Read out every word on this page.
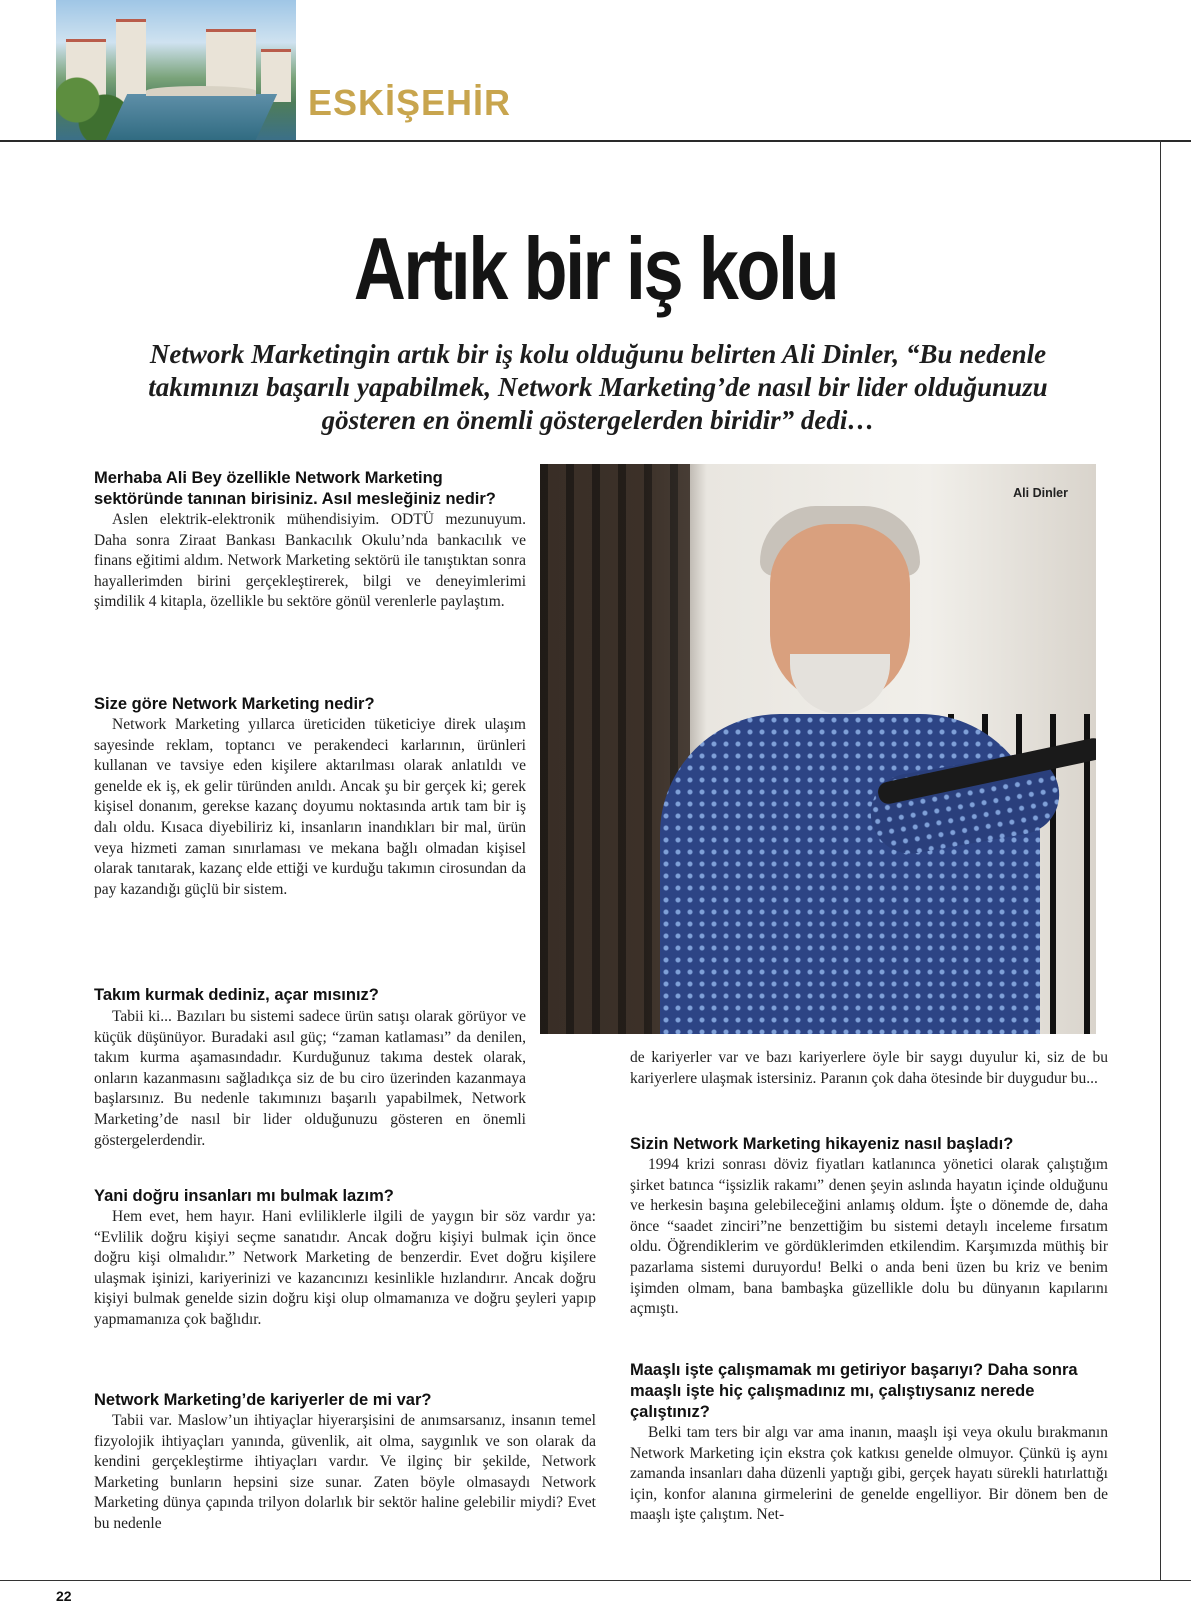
ESKİŞEHİR
Artık bir iş kolu
Network Marketingin artık bir iş kolu olduğunu belirten Ali Dinler, “Bu nedenle takımınızı başarılı yapabilmek, Network Marketing’de nasıl bir lider olduğunuzu gösteren en önemli göstergelerden biridir” dedi…

Merhaba Ali Bey özellikle Network Marketing sektöründe tanınan birisiniz. Asıl mesleğiniz nedir?

Aslen elektrik-elektronik mühendisiyim. ODTÜ mezunuyum. Daha sonra Ziraat Bankası Bankacılık Okulu’nda bankacılık ve finans eğitimi aldım. Network Marketing sektörü ile tanıştıktan sonra hayallerimden birini gerçekleştirerek, bilgi ve deneyimlerimi şimdilik 4 kitapla, özellikle bu sektöre gönül verenlerle paylaştım.

Size göre Network Marketing nedir?

Network Marketing yıllarca üreticiden tüketiciye direk ulaşım sayesinde reklam, toptancı ve perakendeci karlarının, ürünleri kullanan ve tavsiye eden kişilere aktarılması olarak anlatıldı ve genelde ek iş, ek gelir türünden anıldı. Ancak şu bir gerçek ki; gerek kişisel donanım, gerekse kazanç doyumu noktasında artık tam bir iş dalı oldu. Kısaca diyebiliriz ki, insanların inandıkları bir mal, ürün veya hizmeti zaman sınırlaması ve mekana bağlı olmadan kişisel olarak tanıtarak, kazanç elde ettiği ve kurduğu takımın cirosundan da pay kazandığı güçlü bir sistem.

Takım kurmak dediniz, açar mısınız?

Tabii ki... Bazıları bu sistemi sadece ürün satışı olarak görüyor ve küçük düşünüyor. Buradaki asıl güç; “zaman katlaması” da denilen, takım kurma aşamasındadır. Kurduğunuz takıma destek olarak, onların kazanmasını sağladıkça siz de bu ciro üzerinden kazanmaya başlarsınız. Bu nedenle takımınızı başarılı yapabilmek, Network Marketing’de nasıl bir lider olduğunuzu gösteren en önemli göstergelerdendir.

Yani doğru insanları mı bulmak lazım?

Hem evet, hem hayır. Hani evliliklerle ilgili de yaygın bir söz vardır ya: “Evlilik doğru kişiyi seçme sanatıdır. Ancak doğru kişiyi bulmak için önce doğru kişi olmalıdır.” Network Marketing de benzerdir. Evet doğru kişilere ulaşmak işinizi, kariyerinizi ve kazancınızı kesinlikle hızlandırır. Ancak doğru kişiyi bulmak genelde sizin doğru kişi olup olmamanıza ve doğru şeyleri yapıp yapmamanıza çok bağlıdır.

Network Marketing’de kariyerler de mi var?

Tabii var. Maslow’un ihtiyaçlar hiyerarşisini de anımsarsanız, insanın temel fizyolojik ihtiyaçları yanında, güvenlik, ait olma, saygınlık ve son olarak da kendini gerçekleştirme ihtiyaçları vardır. Ve ilginç bir şekilde, Network Marketing bunların hepsini size sunar. Zaten böyle olmasaydı Network Marketing dünya çapında trilyon dolarlık bir sektör haline gelebilir miydi? Evet bu nedenle

Ali Dinler

de kariyerler var ve bazı kariyerlere öyle bir saygı duyulur ki, siz de bu kariyerlere ulaşmak istersiniz. Paranın çok daha ötesinde bir duygudur bu...

Sizin Network Marketing hikayeniz nasıl başladı?

1994 krizi sonrası döviz fiyatları katlanınca yönetici olarak çalıştığım şirket batınca “işsizlik rakamı” denen şeyin aslında hayatın içinde olduğunu ve herkesin başına gelebileceğini anlamış oldum. İşte o dönemde de, daha önce “saadet zinciri”ne benzettiğim bu sistemi detaylı inceleme fırsatım oldu. Öğrendiklerim ve gördüklerimden etkilendim. Karşımızda müthiş bir pazarlama sistemi duruyordu! Belki o anda beni üzen bu kriz ve benim işimden olmam, bana bambaşka güzellikle dolu bu dünyanın kapılarını açmıştı.

Maaşlı işte çalışmamak mı getiriyor başarıyı? Daha sonra maaşlı işte hiç çalışmadınız mı, çalıştıysanız nerede çalıştınız?

Belki tam ters bir algı var ama inanın, maaşlı işi veya okulu bırakmanın Network Marketing için ekstra çok katkısı genelde olmuyor. Çünkü iş aynı zamanda insanları daha düzenli yaptığı gibi, gerçek hayatı sürekli hatırlattığı için, konfor alanına girmelerini de genelde engelliyor. Bir dönem ben de maaşlı işte çalıştım. Net-

22
